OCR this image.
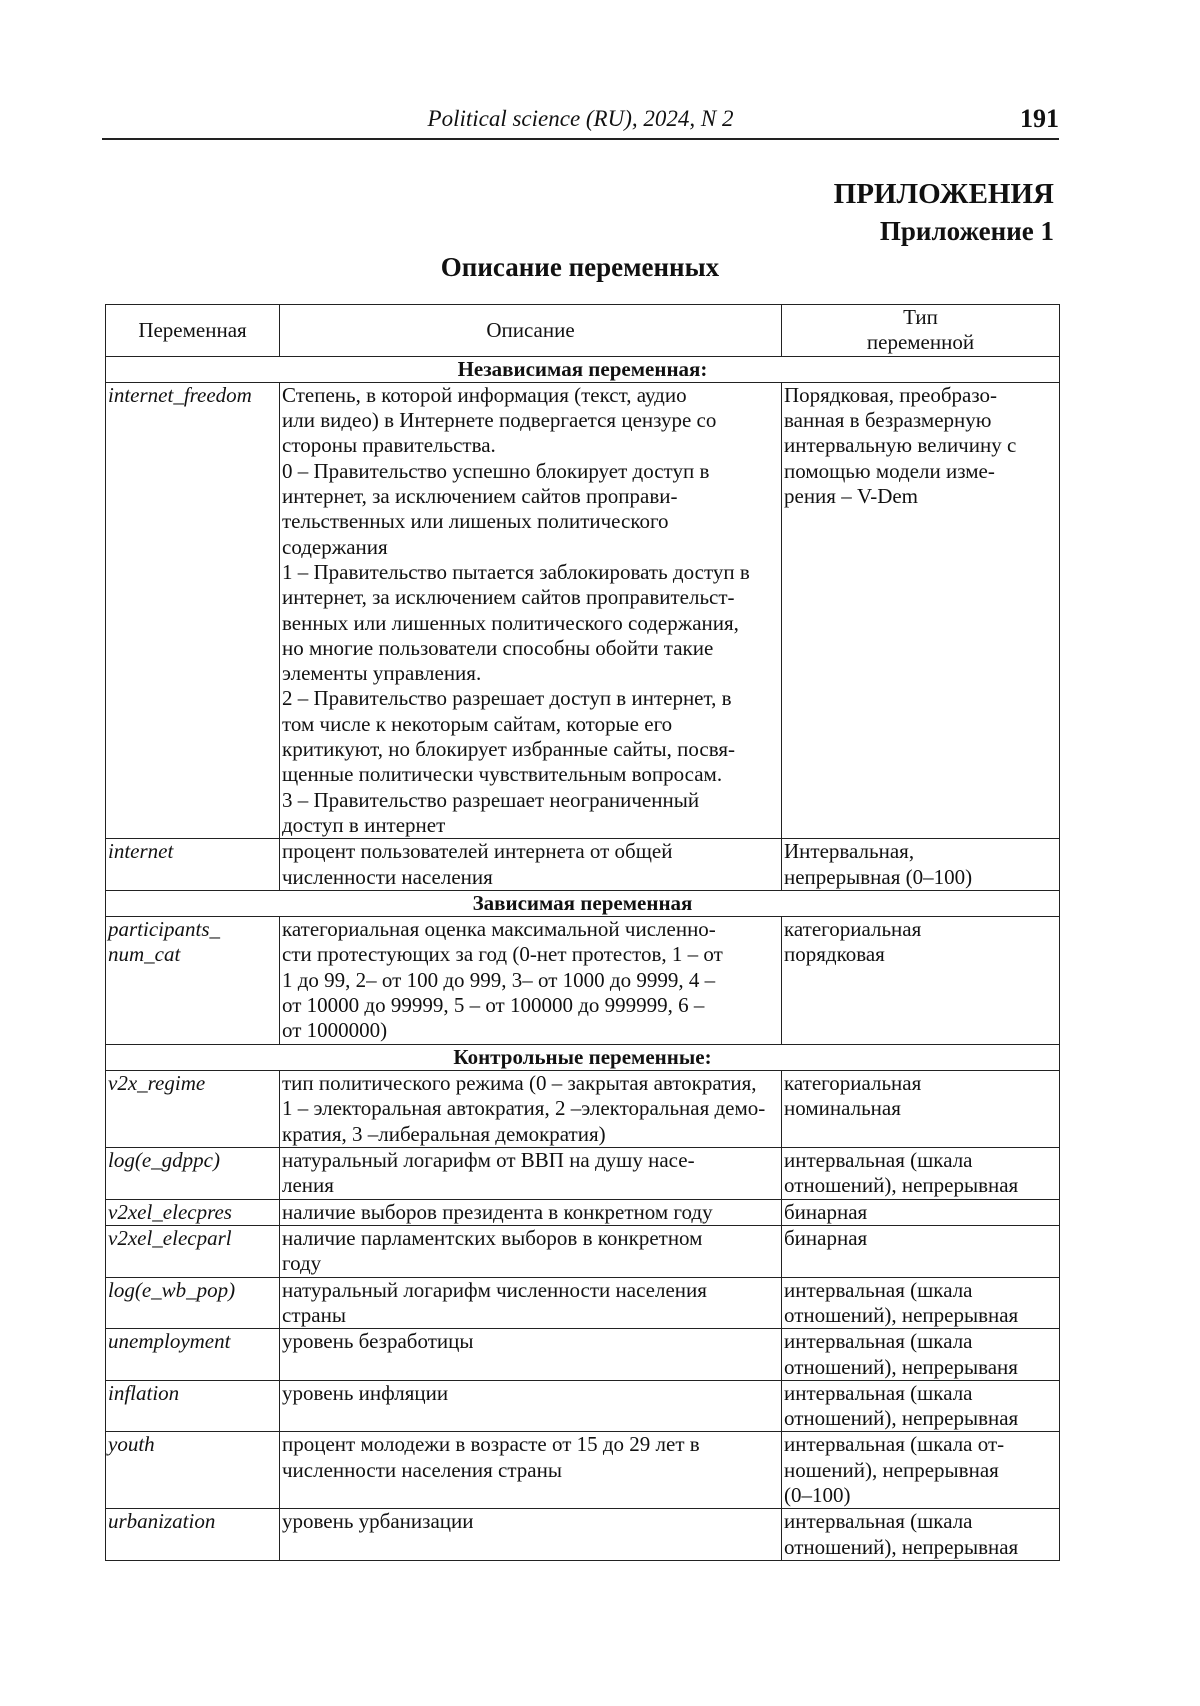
Political science (RU), 2024, N 2	191
ПРИЛОЖЕНИЯ
Приложение 1
Описание переменных
Переменная	Описание

Тип
переменной

Независимая переменная:

internet_freedom	Степень, в которой информация (текст, аудио
или видео) в Интернете подвергается цензуре со
стороны правительства.
0 – Правительство успешно блокирует доступ в
интернет, за исключением сайтов проправи-
тельственных или лишеных политического
содержания
1 – Правительство пытается заблокировать доступ в
интернет, за исключением сайтов проправительст-
венных или лишенных политического содержания,
но многие пользователи способны обойти такие
элементы управления.
2 – Правительство разрешает доступ в интернет, в
том числе к некоторым сайтам, которые его
критикуют, но блокирует избранные сайты, посвя-
щенные политически чувствительным вопросам.
3 – Правительство разрешает неограниченный
доступ в интернет

Порядковая, преобразо-
ванная в безразмерную
интервальную величину с
помощью модели изме-
рения – V-Dem

internet	процент пользователей интернета от общей
численности населения

Интервальная,
непрерывная (0–100)

Зависимая переменная

participants_
num_cat

категориальная оценка максимальной численно-
сти протестующих за год (0-нет протестов, 1 – от
1 до 99, 2– от 100 до 999, 3– от 1000 до 9999, 4 –
от 10000 до 99999, 5 – от 100000 до 999999, 6 –
от 1000000)

категориальная
порядковая

Контрольные переменные:

v2x_regime	тип политического режима (0 – закрытая автократия,
1 – электоральная автократия, 2 –электоральная демо-
кратия, 3 –либеральная демократия)

категориальная
номинальная

log(e_gdppc)	натуральный логарифм от ВВП на душу насе-
ления

интервальная (шкала
отношений), непрерывная

v2xel_elecpres	наличие выборов президента в конкретном году	бинарная

v2xel_elecparl	наличие парламентских выборов в конкретном
году

бинарная

log(e_wb_pop)	натуральный логарифм численности населения
страны

интервальная (шкала
отношений), непрерывная

unemployment	уровень безработицы	интервальная (шкала
отношений), непрерываня

inflation	уровень инфляции	интервальная (шкала
отношений), непрерывная

youth	процент молодежи в возрасте от 15 до 29 лет в
численности населения страны

интервальная (шкала от-
ношений), непрерывная
(0–100)

urbanization	уровень урбанизации	интервальная (шкала
отношений), непрерывная
